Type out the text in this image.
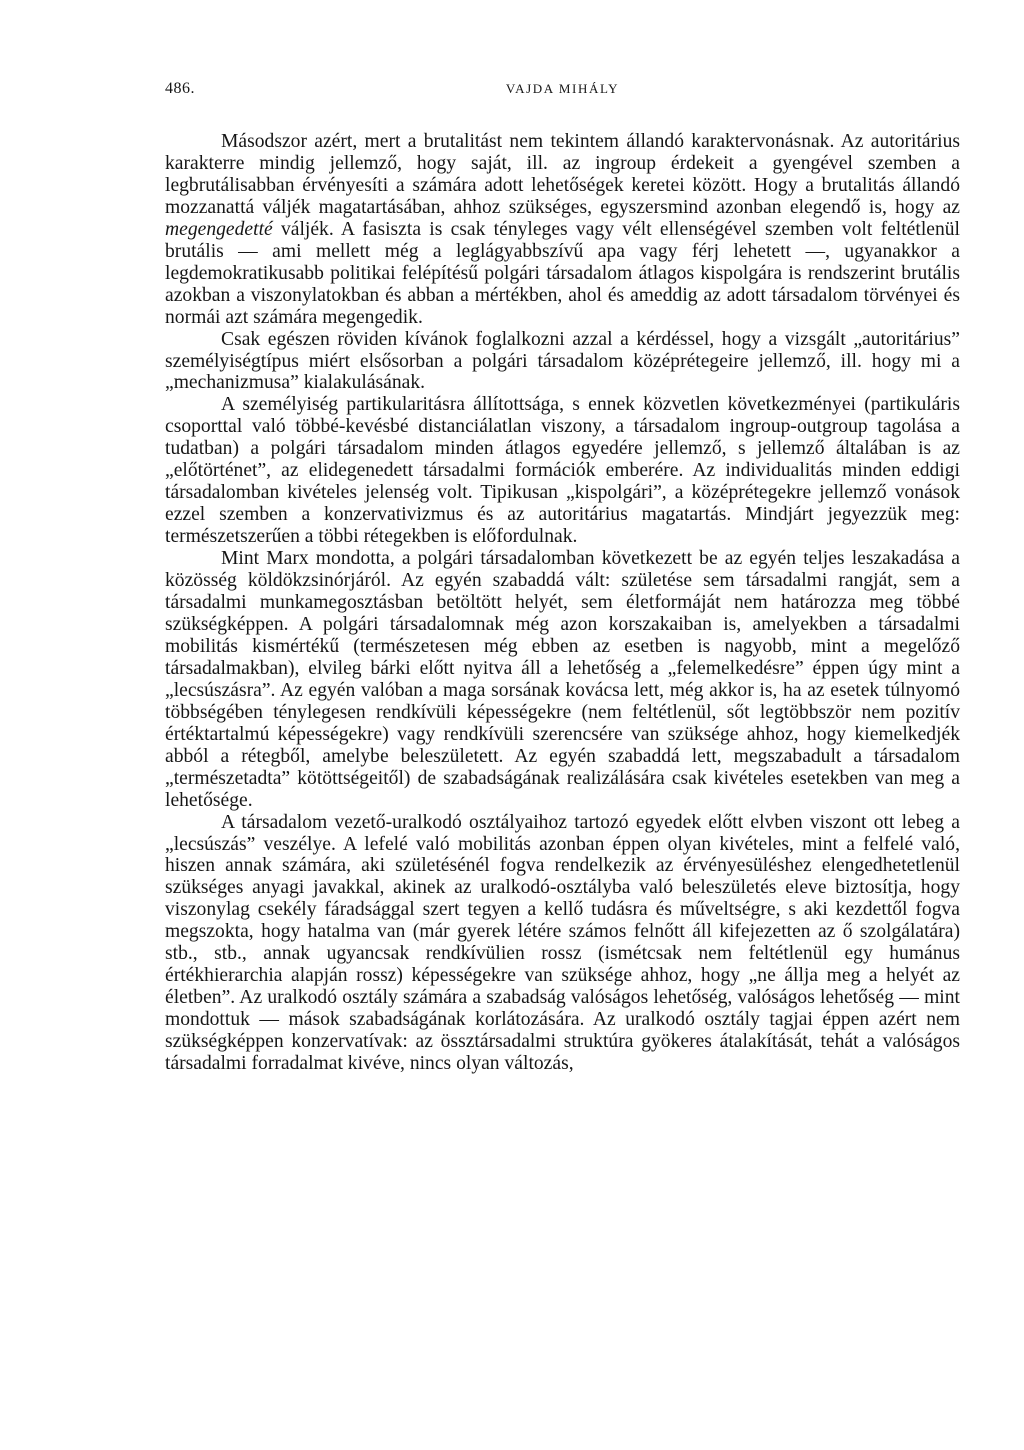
486.	VAJDA MIHÁLY

Másodszor azért, mert a brutalitást nem tekintem állandó karaktervonásnak. Az autoritárius karakterre mindig jellemző, hogy saját, ill. az ingroup érdekeit a gyengével szemben a legbrutálisabban érvényesíti a számára adott lehetőségek keretei között. Hogy a brutalitás állandó mozzanattá váljék magatartásában, ahhoz szükséges, egyszersmind azonban elegendő is, hogy az megengedetté váljék. A fasiszta is csak tényleges vagy vélt ellenségével szemben volt feltétlenül brutális — ami mellett még a leglágyabbszívű apa vagy férj lehetett —, ugyanakkor a legdemokratikusabb politikai felépítésű polgári társadalom átlagos kispolgára is rendszerint brutális azokban a viszonylatokban és abban a mértékben, ahol és ameddig az adott társadalom törvényei és normái azt számára megengedik.

Csak egészen röviden kívánok foglalkozni azzal a kérdéssel, hogy a vizsgált „autoritárius” személyiségtípus miért elsősorban a polgári társadalom középrétegeire jellemző, ill. hogy mi a „mechanizmusa” kialakulásának.

A személyiség partikularitásra állítottsága, s ennek közvetlen következményei (partikuláris csoporttal való többé-kevésbé distanciálatlan viszony, a társadalom ingroup-outgroup tagolása a tudatban) a polgári társadalom minden átlagos egyedére jellemző, s jellemző általában is az „előtörténet”, az elidegenedett társadalmi formációk emberére. Az individualitás minden eddigi társadalomban kivételes jelenség volt. Tipikusan „kispolgári”, a középrétegekre jellemző vonások ezzel szemben a konzervativizmus és az autoritárius magatartás. Mindjárt jegyezzük meg: természetszerűen a többi rétegekben is előfordulnak.

Mint Marx mondotta, a polgári társadalomban következett be az egyén teljes leszakadása a közösség köldökzsinórjáról. Az egyén szabaddá vált: születése sem társadalmi rangját, sem a társadalmi munkamegosztásban betöltött helyét, sem életformáját nem határozza meg többé szükségképpen. A polgári társadalomnak még azon korszakaiban is, amelyekben a társadalmi mobilitás kismértékű (természetesen még ebben az esetben is nagyobb, mint a megelőző társadalmakban), elvileg bárki előtt nyitva áll a lehetőség a „felemelkedésre” éppen úgy mint a „lecsúszásra”. Az egyén valóban a maga sorsának kovácsa lett, még akkor is, ha az esetek túlnyomó többségében ténylegesen rendkívüli képességekre (nem feltétlenül, sőt legtöbbször nem pozitív értéktartalmú képességekre) vagy rendkívüli szerencsére van szüksége ahhoz, hogy kiemelkedjék abból a rétegből, amelybe beleszületett. Az egyén szabaddá lett, megszabadult a társadalom „természetadta” kötöttségeitől) de szabadságának realizálására csak kivételes esetekben van meg a lehetősége.

A társadalom vezető-uralkodó osztályaihoz tartozó egyedek előtt elvben viszont ott lebeg a „lecsúszás” veszélye. A lefelé való mobilitás azonban éppen olyan kivételes, mint a felfelé való, hiszen annak számára, aki születésénél fogva rendelkezik az érvényesüléshez elengedhetetlenül szükséges anyagi javakkal, akinek az uralkodó-osztályba való beleszületés eleve biztosítja, hogy viszonylag csekély fáradsággal szert tegyen a kellő tudásra és műveltségre, s aki kezdettől fogva megszokta, hogy hatalma van (már gyerek létére számos felnőtt áll kifejezetten az ő szolgálatára) stb., stb., annak ugyancsak rendkívülien rossz (ismétcsak nem feltétlenül egy humánus értékhierarchia alapján rossz) képességekre van szüksége ahhoz, hogy „ne állja meg a helyét az életben”. Az uralkodó osztály számára a szabadság valóságos lehetőség, valóságos lehetőség — mint mondottuk — mások szabadságának korlátozására. Az uralkodó osztály tagjai éppen azért nem szükségképpen konzervatívak: az össztársadalmi struktúra gyökeres átalakítását, tehát a valóságos társadalmi forradalmat kivéve, nincs olyan változás,
